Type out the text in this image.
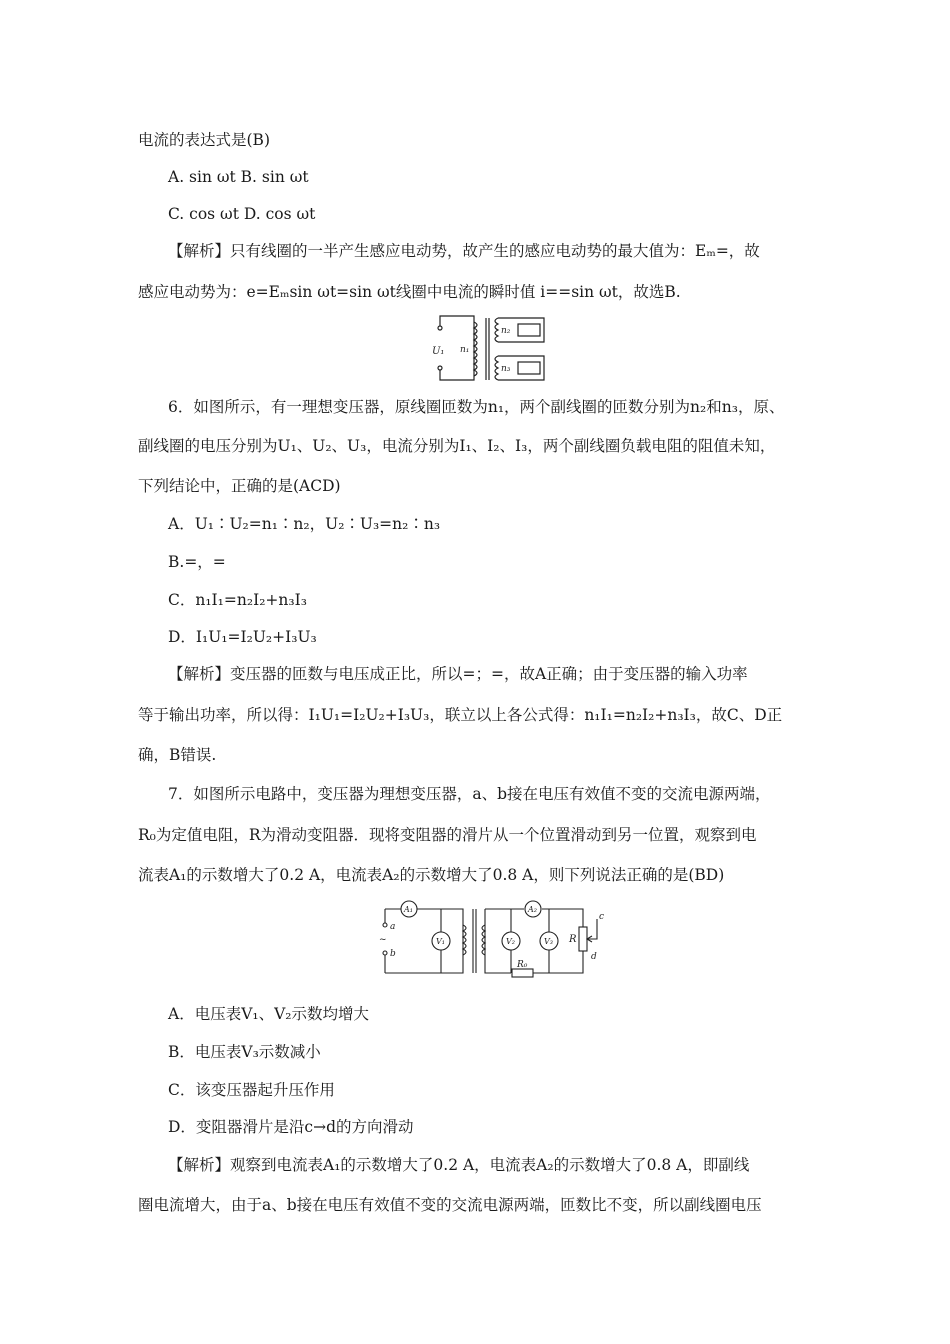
电流的表达式是(B)
A. sin ωt B. sin ωt
C. cos ωt D. cos ωt
【解析】只有线圈的一半产生感应电动势，故产生的感应电动势的最大值为：Eₘ=，故
感应电动势为：e=Eₘsin ωt=sin ωt线圈中电流的瞬时值 i==sin ωt，故选B.
U₁ n₁
n₂
n₃
6．如图所示，有一理想变压器，原线圈匝数为n₁，两个副线圈的匝数分别为n₂和n₃，原、
副线圈的电压分别为U₁、U₂、U₃，电流分别为I₁、I₂、I₃，两个副线圈负载电阻的阻值未知，
下列结论中，正确的是(ACD)
A．U₁∶U₂=n₁∶n₂，U₂∶U₃=n₂∶n₃
B.=，=
C．n₁I₁=n₂I₂+n₃I₃
D．I₁U₁=I₂U₂+I₃U₃
【解析】变压器的匝数与电压成正比，所以=；=，故A正确；由于变压器的输入功率
等于输出功率，所以得：I₁U₁=I₂U₂+I₃U₃，联立以上各公式得：n₁I₁=n₂I₂+n₃I₃，故C、D正
确，B错误.
7．如图所示电路中，变压器为理想变压器，a、b接在电压有效值不变的交流电源两端，
R₀为定值电阻，R为滑动变阻器．现将变阻器的滑片从一个位置滑动到另一位置，观察到电
流表A₁的示数增大了0.2 A，电流表A₂的示数增大了0.8 A，则下列说法正确的是(BD)
A₁	A₂
V₁	V₂	V₃ R
R₀
a
b
c
d
~
A．电压表V₁、V₂示数均增大
B．电压表V₃示数减小
C．该变压器起升压作用
D．变阻器滑片是沿c→d的方向滑动
【解析】观察到电流表A₁的示数增大了0.2 A，电流表A₂的示数增大了0.8 A，即副线
圈电流增大，由于a、b接在电压有效值不变的交流电源两端，匝数比不变，所以副线圈电压
